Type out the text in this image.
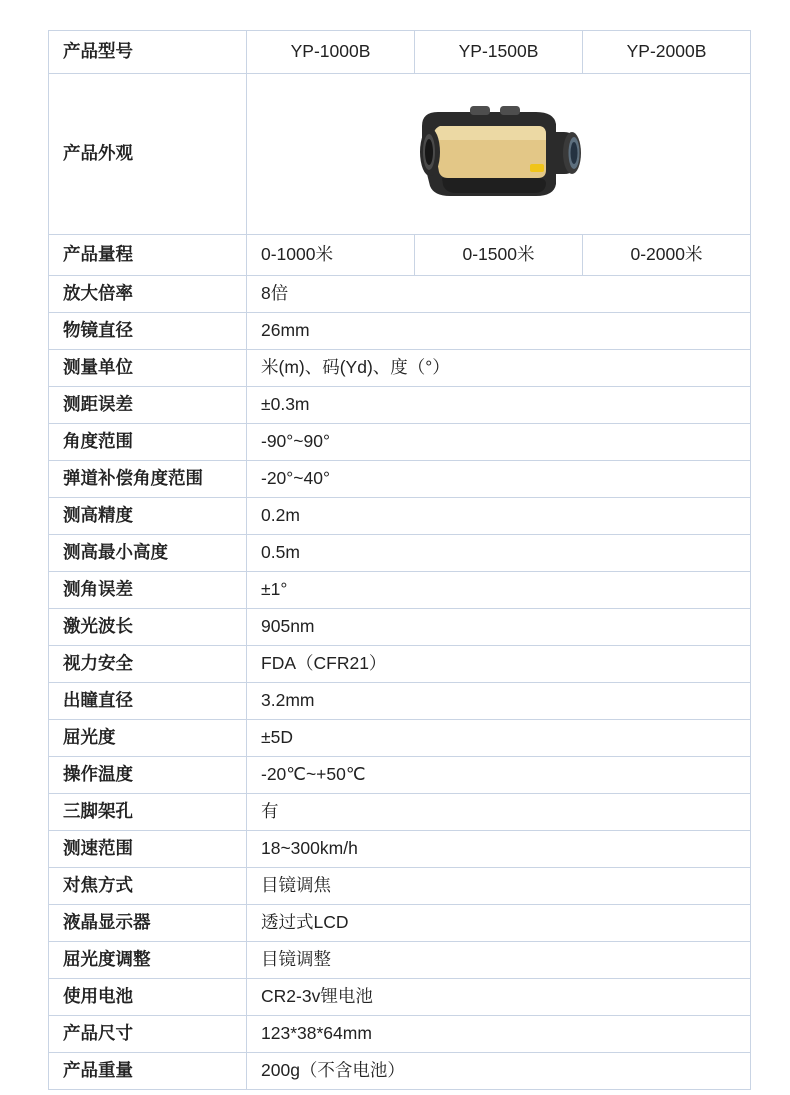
产品型号	YP-1000B	YP-1500B	YP-2000B
产品外观	

产品量程	0-1000米	0-1500米	0-2000米
放大倍率	8倍		
物镜直径	26mm		
测量单位	米(m)、码(Yd)、度（°）		
测距误差	±0.3m		
角度范围	-90°~90°		
弹道补偿角度范围	-20°~40°		
测高精度	0.2m		
测高最小高度	0.5m		
测角误差	±1°		
激光波长	905nm		
视力安全	FDA（CFR21）		
出瞳直径	3.2mm		
屈光度	±5D		
操作温度	-20℃~+50℃		
三脚架孔	有		
测速范围	18~300km/h		
对焦方式	目镜调焦		
液晶显示器	透过式LCD		
屈光度调整	目镜调整		
使用电池	CR2-3v锂电池		
产品尺寸	123*38*64mm		
产品重量	200g（不含电池）		
